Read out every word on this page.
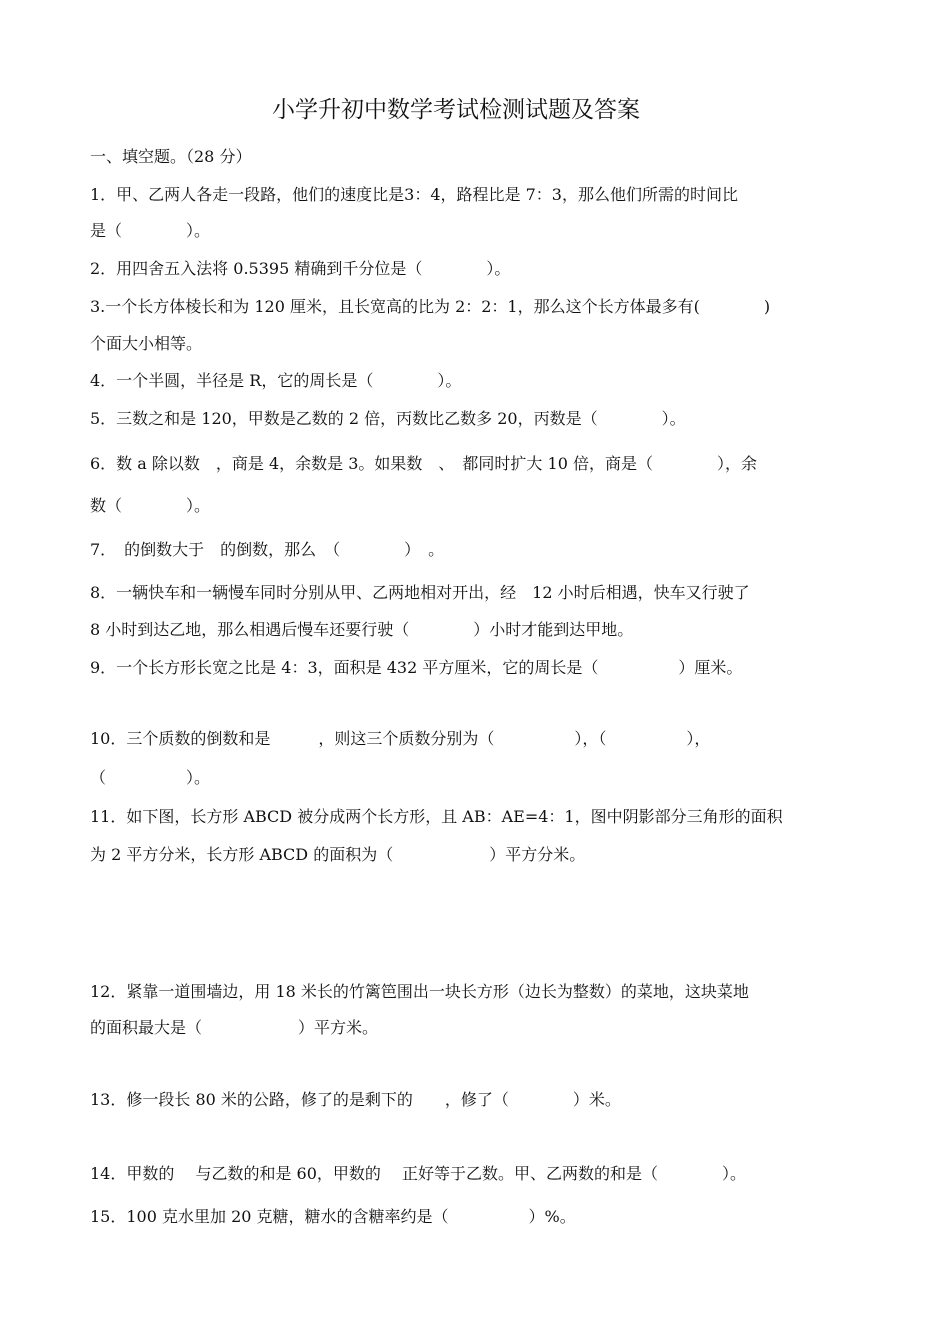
小学升初中数学考试检测试题及答案
一、填空题。（28 分）
1．甲、乙两人各走一段路，他们的速度比是3：4，路程比是 7：3，那么他们所需的时间比
是（　　　　）。
2．用四舍五入法将 0.5395 精确到千分位是（　　　　）。
3.一个长方体棱长和为 120 厘米，且长宽高的比为 2：2：1，那么这个长方体最多有(　　　　)
个面大小相等。
4．一个半圆，半径是 R，它的周长是（　　　　）。
5．三数之和是 120，甲数是乙数的 2 倍，丙数比乙数多 20，丙数是（　　　　）。
6．数 a 除以数　，商是 4，余数是 3。如果数　、　都同时扩大 10 倍，商是（　　　　），余
数（　　　　）。
7．　的倒数大于　的倒数，那么　（　　　　）　。
8．一辆快车和一辆慢车同时分别从甲、乙两地相对开出，经　12 小时后相遇，快车又行驶了
8 小时到达乙地，那么相遇后慢车还要行驶（　　　　）小时才能到达甲地。
9．一个长方形长宽之比是 4：3，面积是 432 平方厘米，它的周长是（　　　　　）厘米。
10．三个质数的倒数和是　　　，则这三个质数分别为（　　　　　），（　　　　　），
（　　　　　）。
11．如下图，长方形 ABCD 被分成两个长方形，且 AB：AE=4：1，图中阴影部分三角形的面积
为 2 平方分米，长方形 ABCD 的面积为（　　　　　　）平方分米。
12．紧靠一道围墙边，用 18 米长的竹篱笆围出一块长方形（边长为整数）的菜地，这块菜地
的面积最大是（　　　　　　）平方米。
13．修一段长 80 米的公路，修了的是剩下的　　，修了（　　　　）米。
14．甲数的　 与乙数的和是 60，甲数的　 正好等于乙数。甲、乙两数的和是（　　　　）。
15．100 克水里加 20 克糖，糖水的含糖率约是（　　　　　）%。
